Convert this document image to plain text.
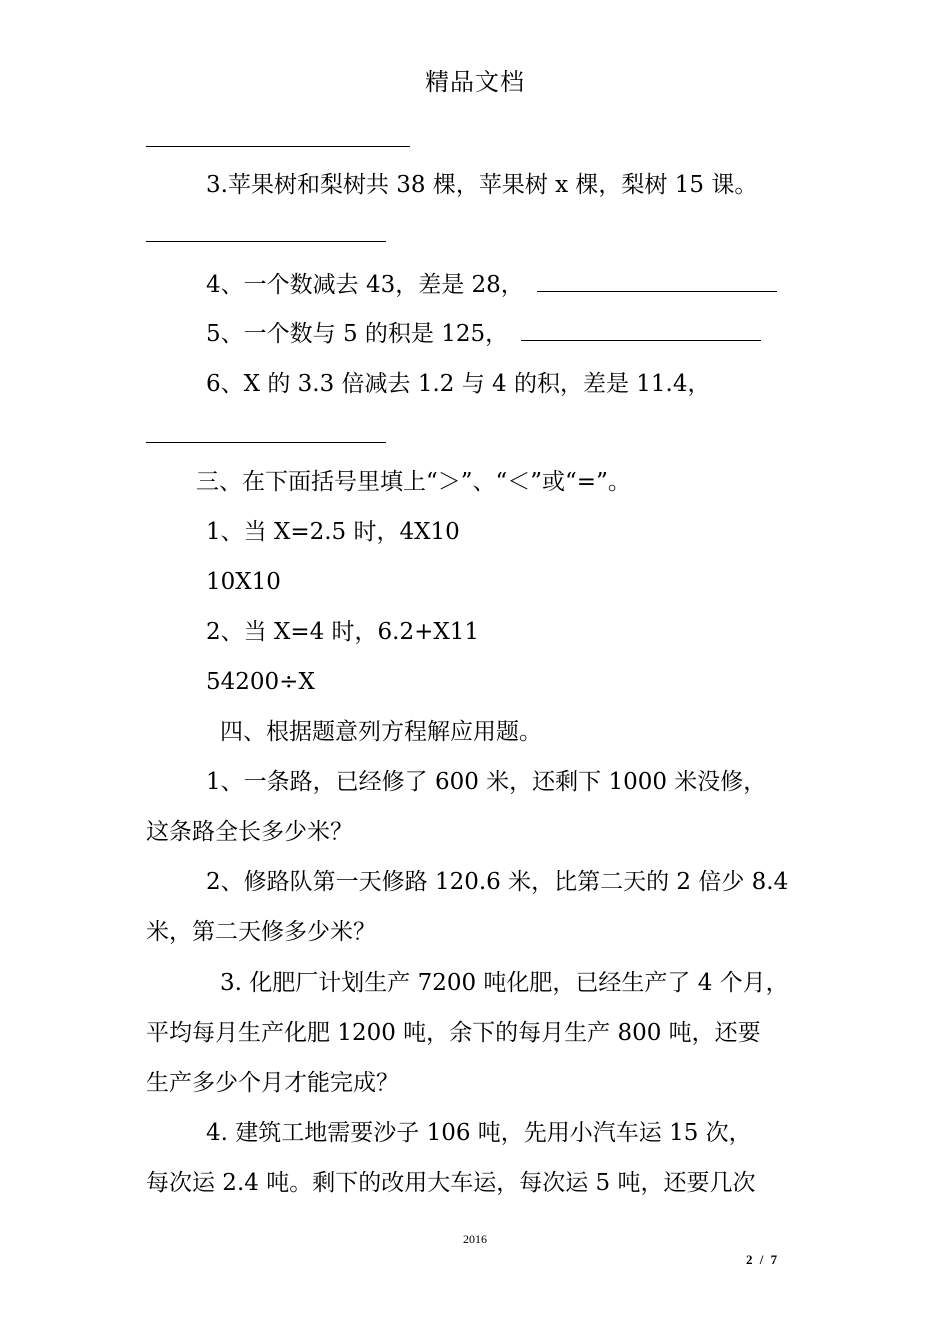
精品文档
3.苹果树和梨树共 38 棵，苹果树 x 棵，梨树 15 课。
4、一个数减去 43，差是 28，
5、一个数与 5 的积是 125，
6、X 的 3.3 倍减去 1.2 与 4 的积，差是 11.4，
三、在下面括号里填上“＞”、“＜”或“=”。
1、当 X=2.5 时，4X10
10X10
2、当 X=4 时，6.2+X11
54200÷X
四、根据题意列方程解应用题。
1、一条路，已经修了 600 米，还剩下 1000 米没修，
这条路全长多少米？
2、修路队第一天修路 120.6 米，比第二天的 2 倍少 8.4
米，第二天修多少米？
3. 化肥厂计划生产 7200 吨化肥，已经生产了 4 个月，
平均每月生产化肥 1200 吨，余下的每月生产 800 吨，还要
生产多少个月才能完成？
4. 建筑工地需要沙子 106 吨，先用小汽车运 15 次，
每次运 2.4 吨。剩下的改用大车运，每次运 5 吨，还要几次
2016
2 / 7
